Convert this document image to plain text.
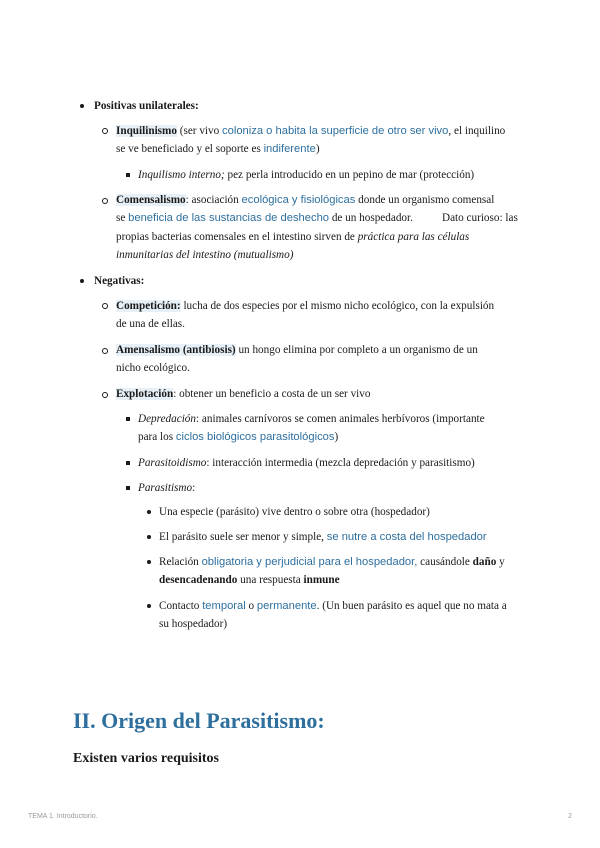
Positivas unilaterales:
Inquilinismo (ser vivo coloniza o habita la superficie de otro ser vivo, el inquilino
se ve beneficiado y el soporte es indiferente)
Inquilismo interno; pez perla introducido en un pepino de mar (protección)
Comensalismo: asociación ecológica y fisiológicas donde un organismo comensal
se beneficia de las sustancias de deshecho de un hospedador.	Dato curioso: las
propias bacterias comensales en el intestino sirven de práctica para las células
inmunitarias del intestino (mutualismo)
Negativas:
Competición: lucha de dos especies por el mismo nicho ecológico, con la expulsión
de una de ellas.
Amensalismo (antibiosis) un hongo elimina por completo a un organismo de un
nicho ecológico.
Explotación: obtener un beneficio a costa de un ser vivo
Depredación: animales carnívoros se comen animales herbívoros (importante
para los ciclos biológicos parasitológicos)
Parasitoidismo: interacción intermedia (mezcla depredación y parasitismo)
Parasitismo:
Una especie (parásito) vive dentro o sobre otra (hospedador)
El parásito suele ser menor y simple, se nutre a costa del hospedador
Relación obligatoria y perjudicial para el hospedador, causándole daño y
desencadenando una respuesta inmune
Contacto temporal o permanente. (Un buen parásito es aquel que no mata a
su hospedador)
II. Origen del Parasitismo:
Existen varios requisitos
TEMA 1. Introductorio.	2
